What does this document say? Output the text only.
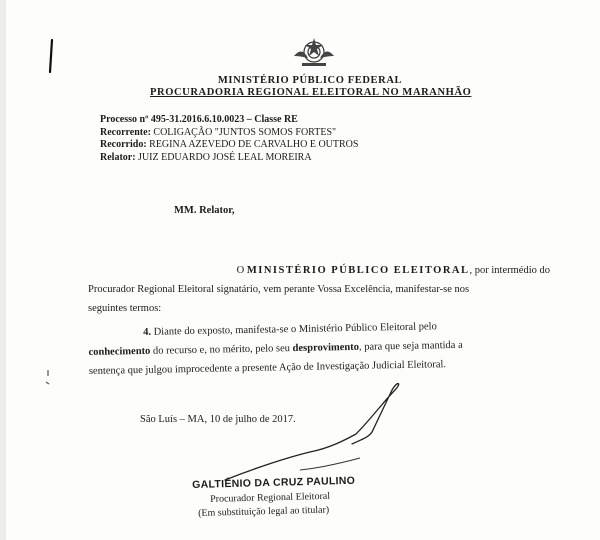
MINISTÉRIO PÚBLICO FEDERAL
PROCURADORIA REGIONAL ELEITORAL NO MARANHÃO
Processo nº 495-31.2016.6.10.0023 – Classe RE
Recorrente: COLIGAÇÃO "JUNTOS SOMOS FORTES"
Recorrido: REGINA AZEVEDO DE CARVALHO E OUTROS
Relator: JUIZ EDUARDO JOSÉ LEAL MOREIRA
MM. Relator,
O MINISTÉRIO PÚBLICO ELEITORAL, por intermédio do
Procurador Regional Eleitoral signatário, vem perante Vossa Excelência, manifestar-se nos
seguintes termos:
4. Diante do exposto, manifesta-se o Ministério Público Eleitoral pelo
conhecimento do recurso e, no mérito, pelo seu desprovimento, para que seja mantida a
sentença que julgou improcedente a presente Ação de Investigação Judicial Eleitoral.
São Luís – MA, 10 de julho de 2017.
GALTIÊNIO DA CRUZ PAULINO
Procurador Regional Eleitoral
(Em substituição legal ao titular)
